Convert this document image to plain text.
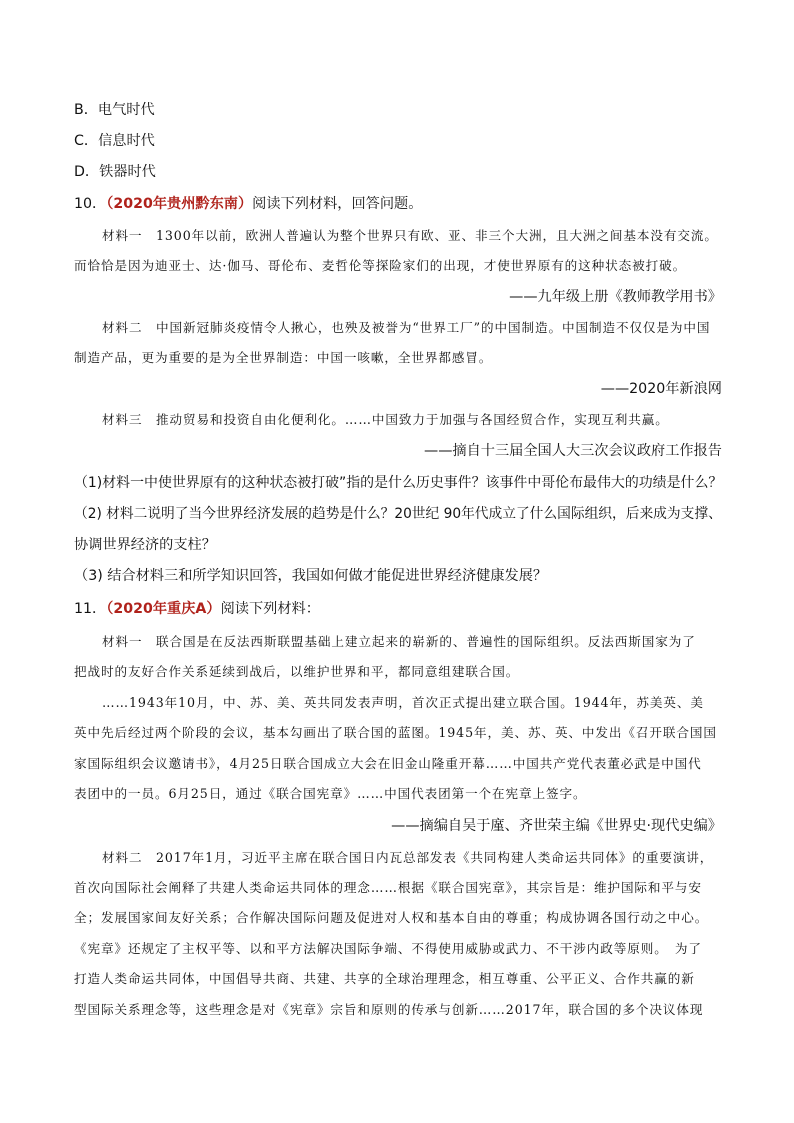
B．电气时代
C．信息时代
D．铁器时代
10．（2020年贵州黔东南）阅读下列材料，回答问题。
材料一　1300年以前，欧洲人普遍认为整个世界只有欧、亚、非三个大洲，且大洲之间基本没有交流。
而恰恰是因为迪亚士、达·伽马、哥伦布、麦哲伦等探险家们的出现，才使世界原有的这种状态被打破。
——九年级上册《教师教学用书》
材料二　中国新冠肺炎疫情令人揪心，也殃及被誉为“世界工厂”的中国制造。中国制造不仅仅是为中国
制造产品，更为重要的是为全世界制造：中国一咳嗽，全世界都感冒。
——2020年新浪网
材料三　推动贸易和投资自由化便利化。……中国致力于加强与各国经贸合作，实现互利共赢。
——摘自十三届全国人大三次会议政府工作报告
（1)材料一中使世界原有的这种状态被打破”指的是什么历史事件？该事件中哥伦布最伟大的功绩是什么？
（2) 材料二说明了当今世界经济发展的趋势是什么？20世纪 90年代成立了什么国际组织，后来成为支撑、
协调世界经济的支柱？
（3) 结合材料三和所学知识回答，我国如何做才能促进世界经济健康发展？
11．（2020年重庆A）阅读下列材料：
材料一　联合国是在反法西斯联盟基础上建立起来的崭新的、普遍性的国际组织。反法西斯国家为了
把战时的友好合作关系延续到战后，以维护世界和平，都同意组建联合国。
……1943年10月，中、苏、美、英共同发表声明，首次正式提出建立联合国。1944年，苏美英、美
英中先后经过两个阶段的会议，基本勾画出了联合国的蓝图。1945年，美、苏、英、中发出《召开联合国国
家国际组织会议邀请书》，4月25日联合国成立大会在旧金山隆重开幕……中国共产党代表董必武是中国代
表团中的一员。6月25日，通过《联合国宪章》……中国代表团第一个在宪章上签字。
——摘编自吴于廑、齐世荣主编《世界史·现代史编》
材料二　2017年1月，习近平主席在联合国日内瓦总部发表《共同构建人类命运共同体》的重要演讲，
首次向国际社会阐释了共建人类命运共同体的理念……根据《联合国宪章》，其宗旨是：维护国际和平与安
全；发展国家间友好关系；合作解决国际问题及促进对人权和基本自由的尊重；构成协调各国行动之中心。
《宪章》还规定了主权平等、以和平方法解决国际争端、不得使用威胁或武力、不干涉内政等原则。　为了
打造人类命运共同体，中国倡导共商、共建、共享的全球治理理念，相互尊重、公平正义、合作共赢的新
型国际关系理念等，这些理念是对《宪章》宗旨和原则的传承与创新……2017年，联合国的多个决议体现
